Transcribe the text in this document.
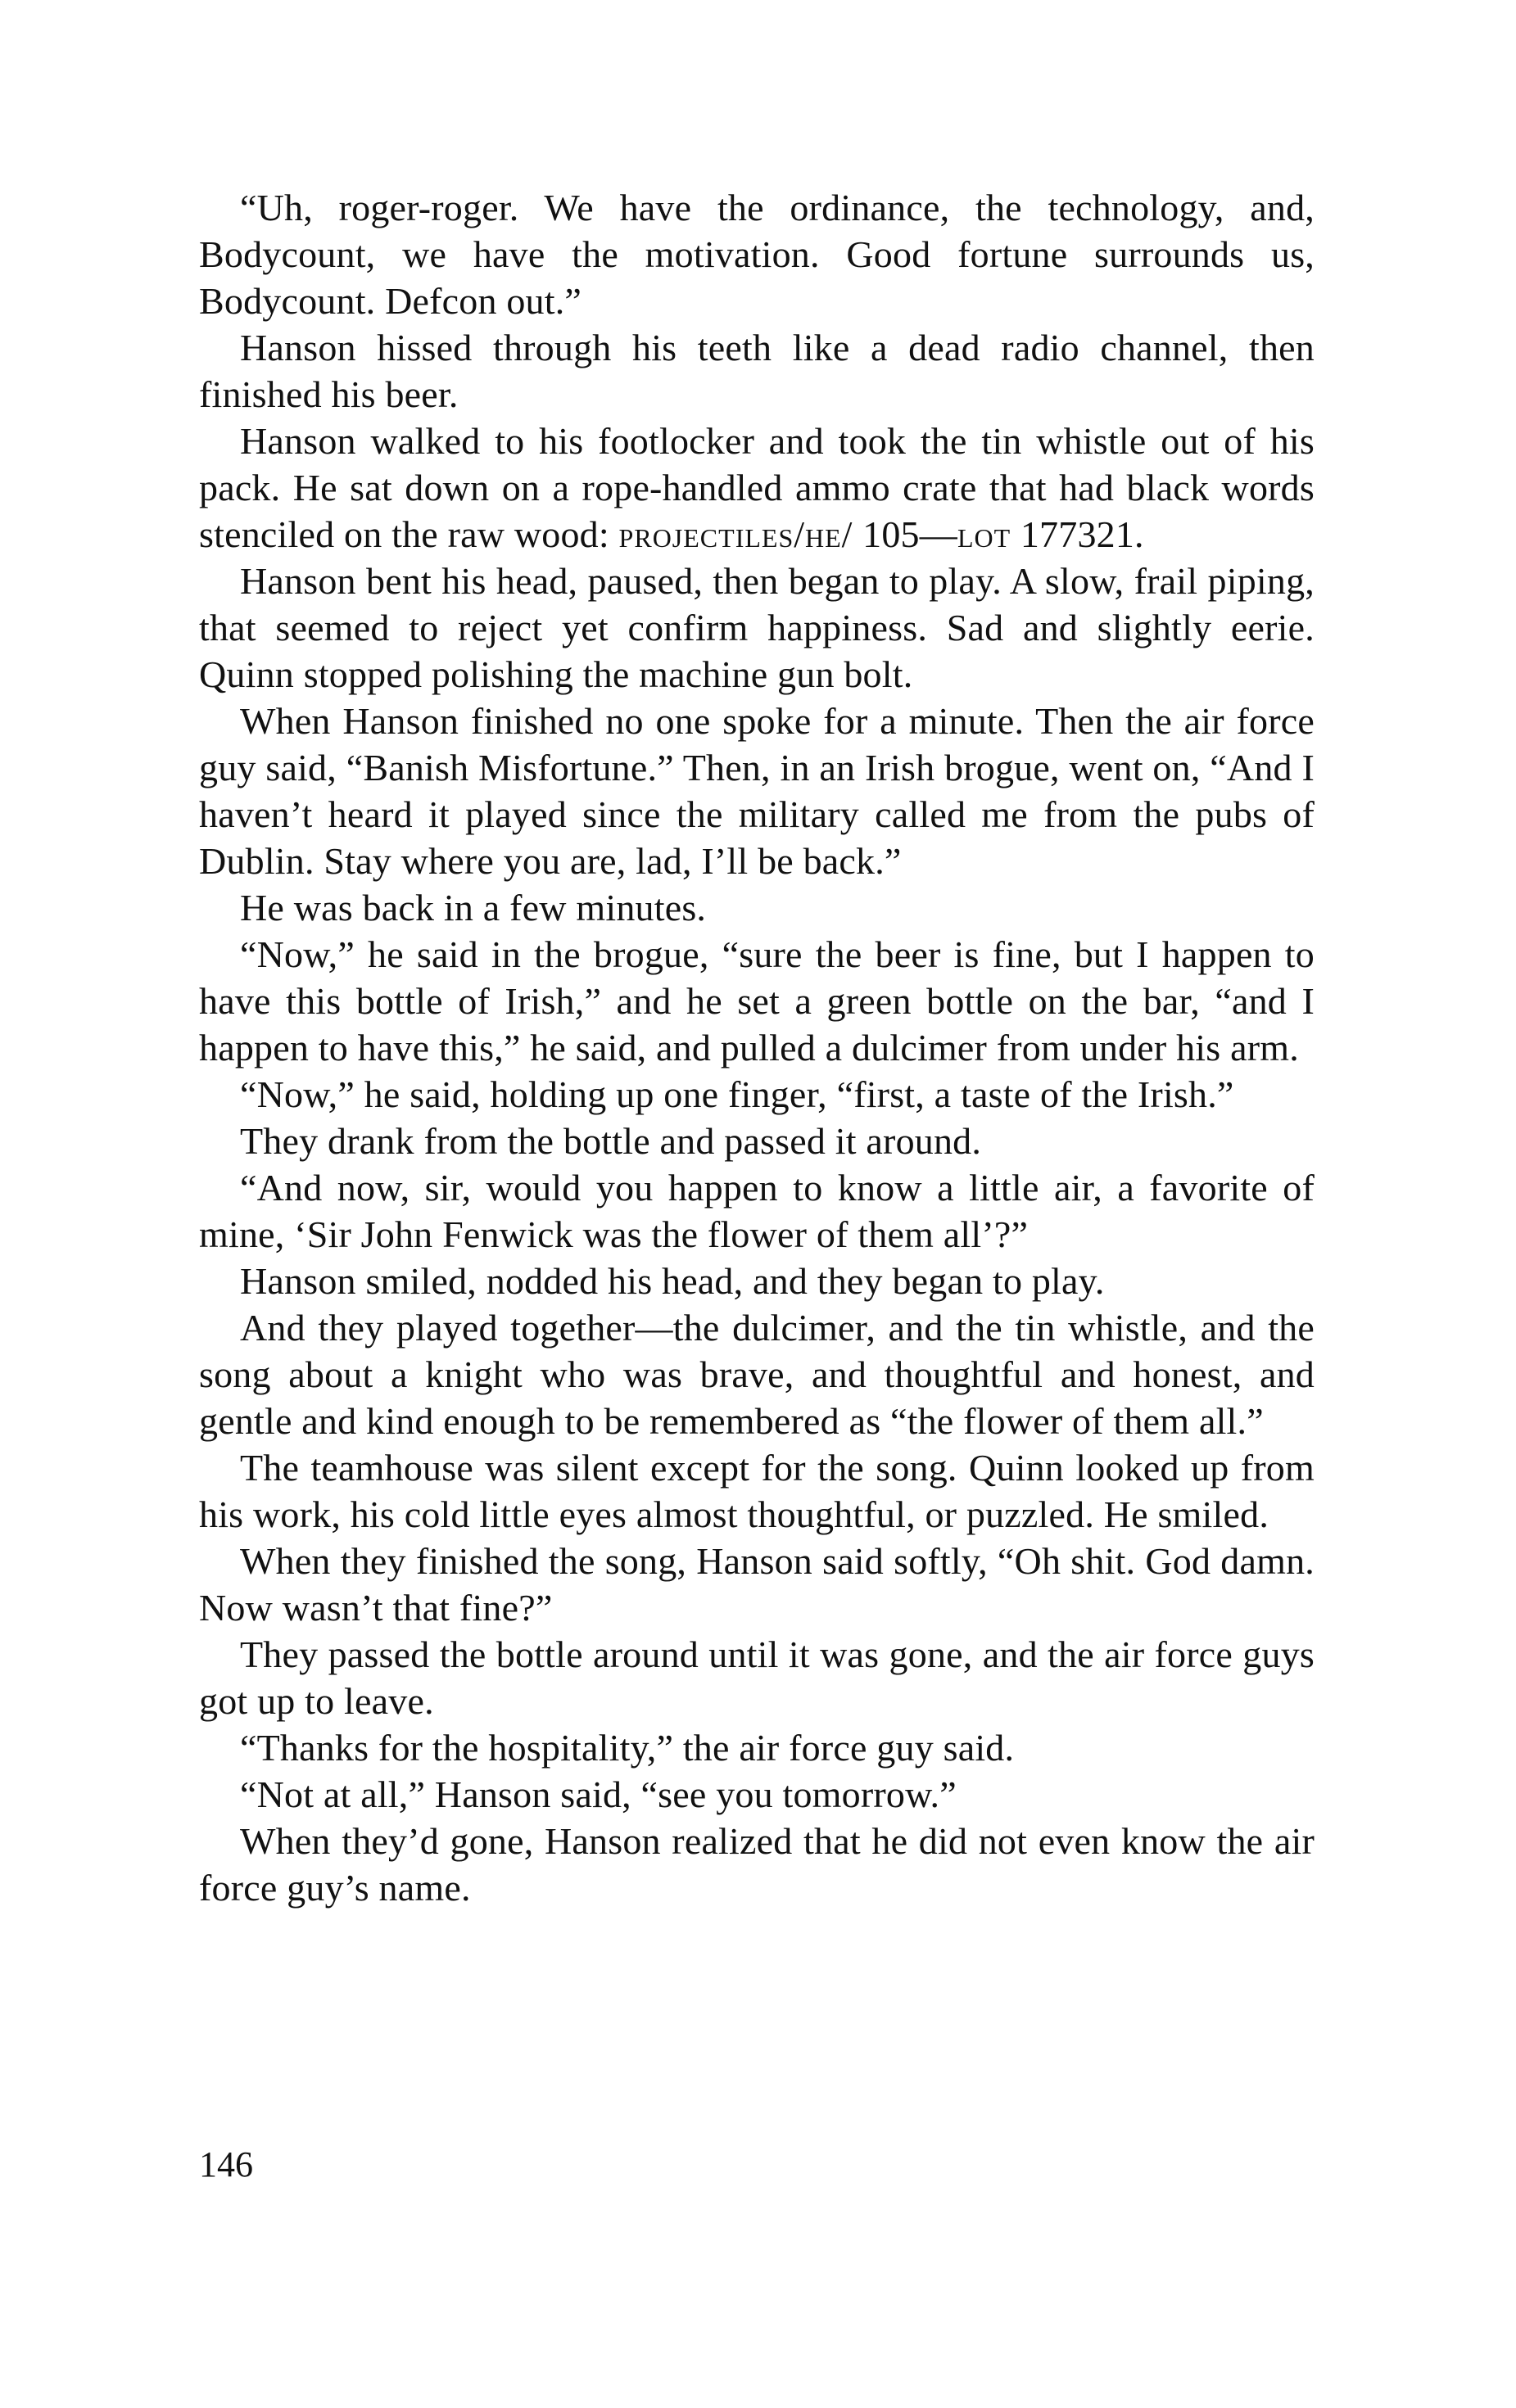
“Uh, roger-roger. We have the ordinance, the technology, and, Bodycount, we have the motivation. Good fortune surrounds us, Bodycount. Defcon out.”

Hanson hissed through his teeth like a dead radio channel, then finished his beer.

Hanson walked to his footlocker and took the tin whistle out of his pack. He sat down on a rope-handled ammo crate that had black words stenciled on the raw wood: projectiles/he/ 105—lot 177321.

Hanson bent his head, paused, then began to play. A slow, frail piping, that seemed to reject yet confirm happiness. Sad and slightly eerie. Quinn stopped polishing the machine gun bolt.

When Hanson finished no one spoke for a minute. Then the air force guy said, “Banish Misfortune.” Then, in an Irish brogue, went on, “And I haven’t heard it played since the military called me from the pubs of Dublin. Stay where you are, lad, I’ll be back.”

He was back in a few minutes.

“Now,” he said in the brogue, “sure the beer is fine, but I happen to have this bottle of Irish,” and he set a green bottle on the bar, “and I happen to have this,” he said, and pulled a dulcimer from under his arm.

“Now,” he said, holding up one finger, “first, a taste of the Irish.”

They drank from the bottle and passed it around.

“And now, sir, would you happen to know a little air, a favorite of mine, ‘Sir John Fenwick was the flower of them all’?”

Hanson smiled, nodded his head, and they began to play.

And they played together—the dulcimer, and the tin whistle, and the song about a knight who was brave, and thoughtful and honest, and gentle and kind enough to be remembered as “the flower of them all.”

The teamhouse was silent except for the song. Quinn looked up from his work, his cold little eyes almost thoughtful, or puzzled. He smiled.

When they finished the song, Hanson said softly, “Oh shit. God damn. Now wasn’t that fine?”

They passed the bottle around until it was gone, and the air force guys got up to leave.

“Thanks for the hospitality,” the air force guy said.

“Not at all,” Hanson said, “see you tomorrow.”

When they’d gone, Hanson realized that he did not even know the air force guy’s name.

146
